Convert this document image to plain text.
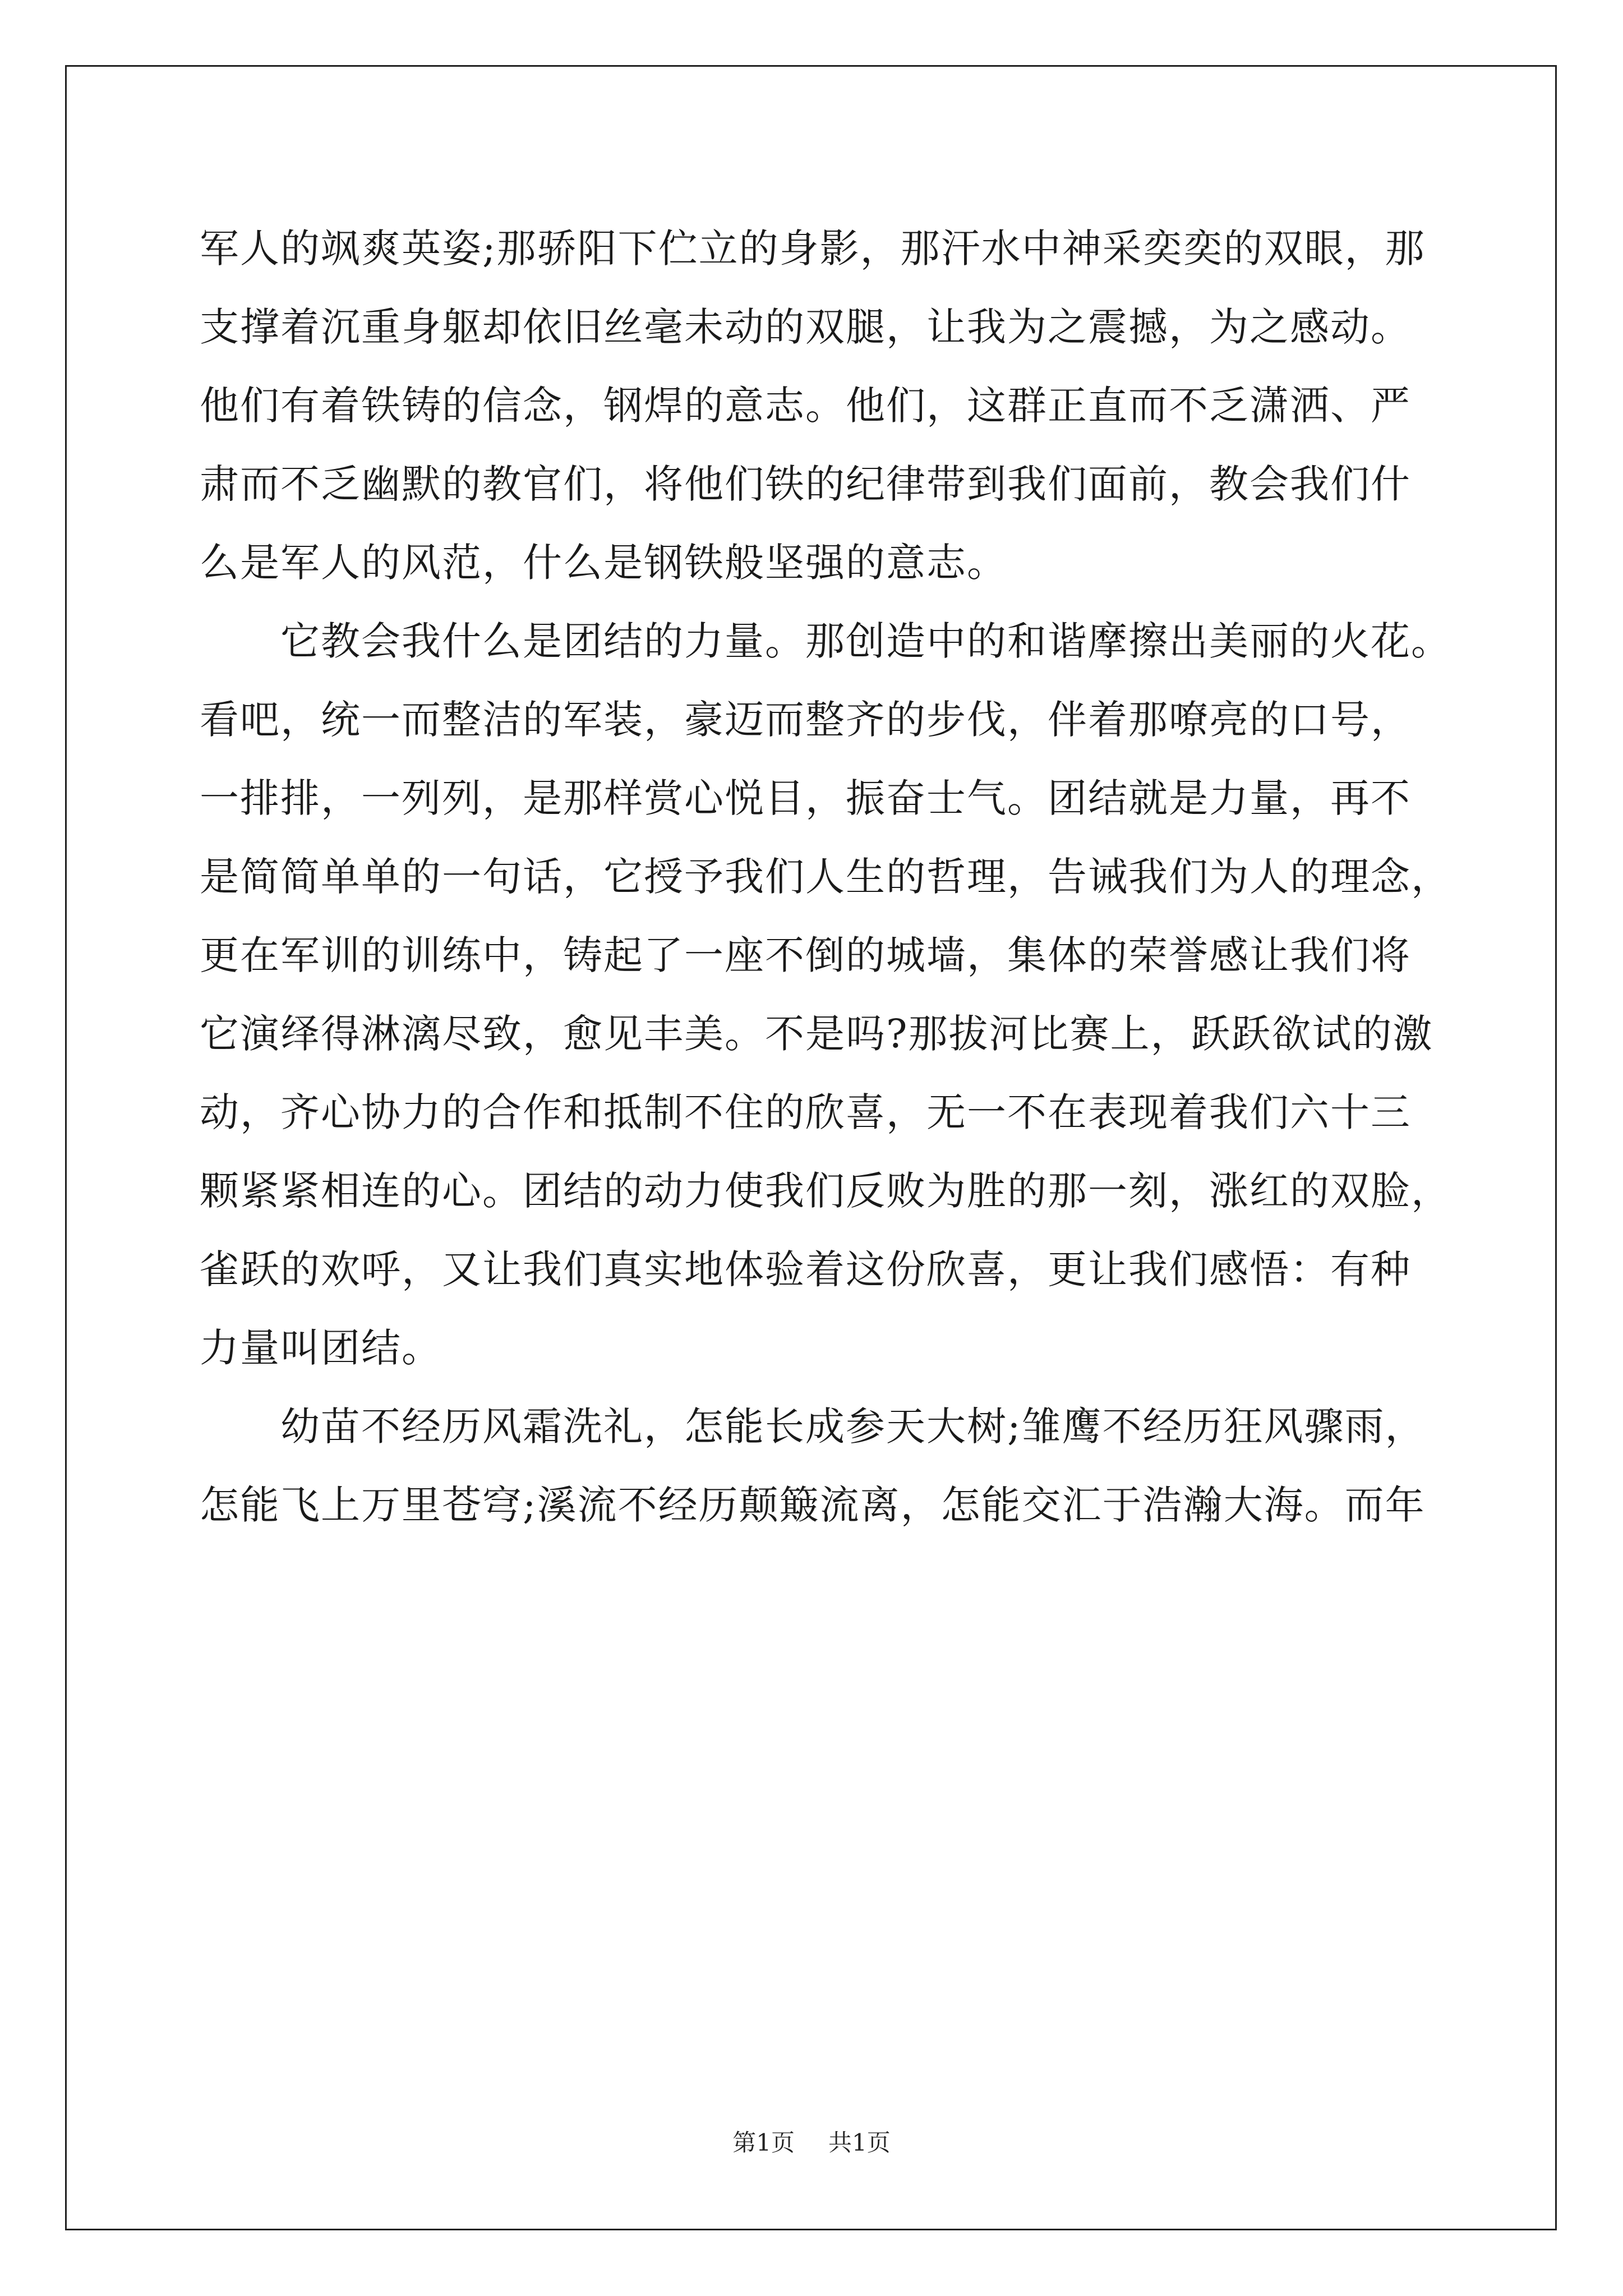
军人的飒爽英姿;那骄阳下伫立的身影，那汗水中神采奕奕的双眼，那
支撑着沉重身躯却依旧丝毫未动的双腿，让我为之震撼，为之感动。
他们有着铁铸的信念，钢焊的意志。他们，这群正直而不乏潇洒、严
肃而不乏幽默的教官们，将他们铁的纪律带到我们面前，教会我们什
么是军人的风范，什么是钢铁般坚强的意志。
它教会我什么是团结的力量。那创造中的和谐摩擦出美丽的火花。
看吧，统一而整洁的军装，豪迈而整齐的步伐，伴着那嘹亮的口号，
一排排，一列列，是那样赏心悦目，振奋士气。团结就是力量，再不
是简简单单的一句话，它授予我们人生的哲理，告诫我们为人的理念，
更在军训的训练中，铸起了一座不倒的城墙，集体的荣誉感让我们将
它演绎得淋漓尽致，愈见丰美。不是吗?那拔河比赛上，跃跃欲试的激
动，齐心协力的合作和抵制不住的欣喜，无一不在表现着我们六十三
颗紧紧相连的心。团结的动力使我们反败为胜的那一刻，涨红的双脸，
雀跃的欢呼，又让我们真实地体验着这份欣喜，更让我们感悟：有种
力量叫团结。
幼苗不经历风霜洗礼，怎能长成参天大树;雏鹰不经历狂风骤雨，
怎能飞上万里苍穹;溪流不经历颠簸流离，怎能交汇于浩瀚大海。而年
第1页 共1页
